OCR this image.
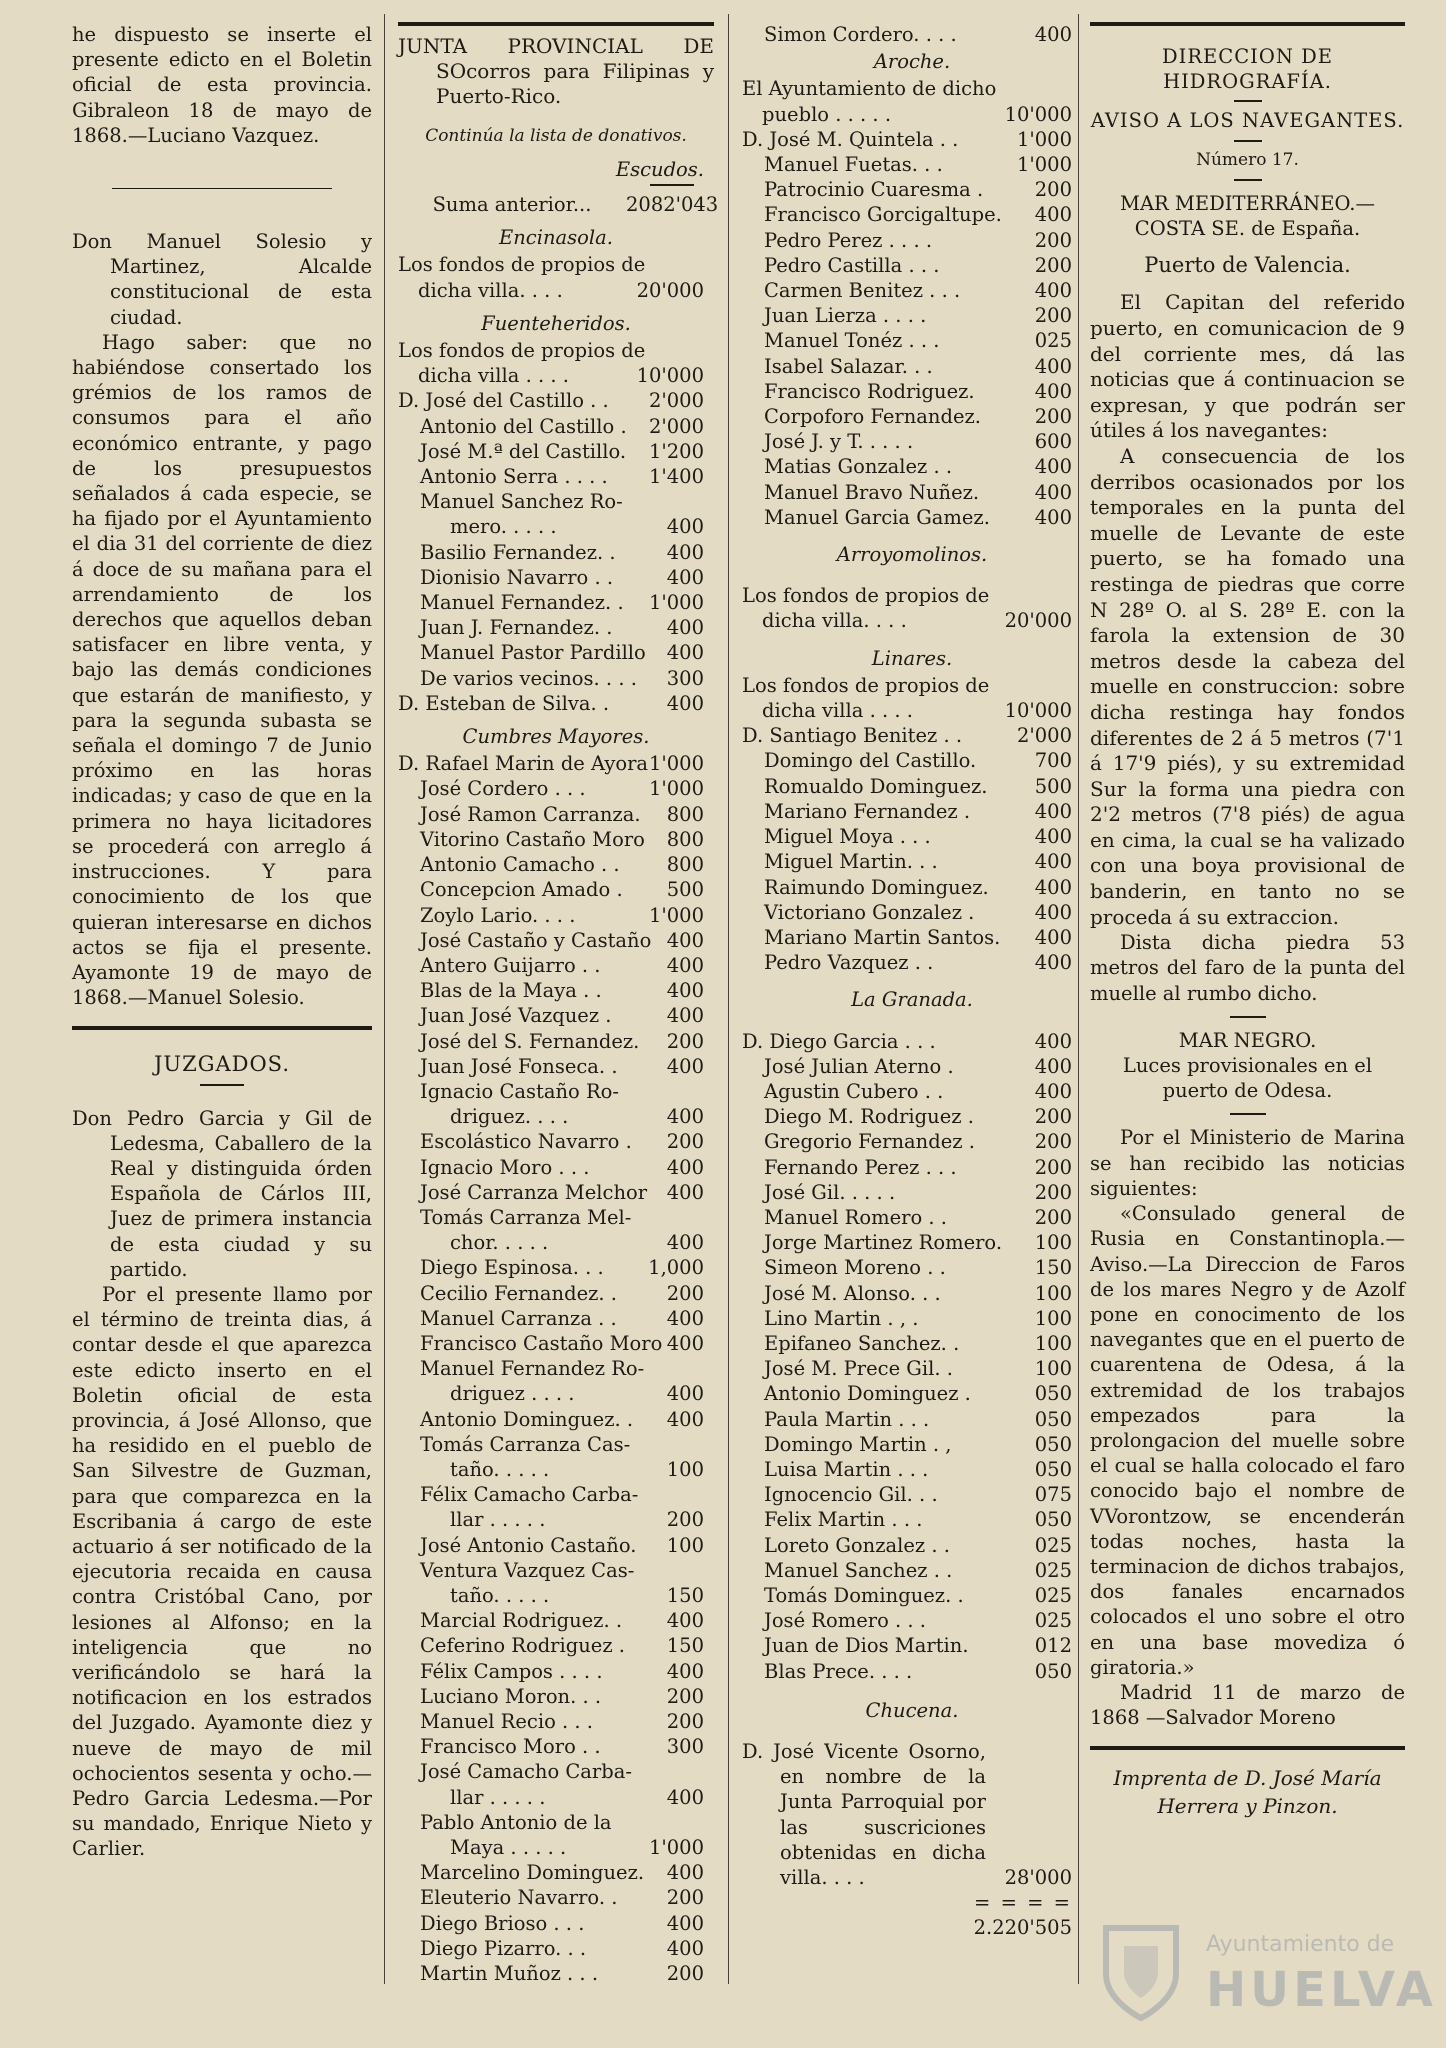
he dispuesto se inserte el presente edicto en el Boletin oficial de esta provincia. Gibraleon 18 de mayo de 1868.—Luciano Vazquez.

Don Manuel Solesio y Martinez, Alcalde constitucional de esta ciudad.

Hago saber: que no habiéndose consertado los grémios de los ramos de consumos para el año económico entrante, y pago de los presupuestos señalados á cada especie, se ha fijado por el Ayuntamiento el dia 31 del corriente de diez á doce de su mañana para el arrendamiento de los derechos que aquellos deban satisfacer en libre venta, y bajo las demás condiciones que estarán de manifiesto, y para la segunda subasta se señala el domingo 7 de Junio próximo en las horas indicadas; y caso de que en la primera no haya licitadores se procederá con arreglo á instrucciones. Y para conocimiento de los que quieran interesarse en dichos actos se fija el presente. Ayamonte 19 de mayo de 1868.—Manuel Solesio.

JUZGADOS.

Don Pedro Garcia y Gil de Ledesma, Caballero de la Real y distinguida órden Española de Cárlos III, Juez de primera instancia de esta ciudad y su partido.

Por el presente llamo por el término de treinta dias, á contar desde el que aparezca este edicto inserto en el Boletin oficial de esta provincia, á José Allonso, que ha residido en el pueblo de San Silvestre de Guzman, para que comparezca en la Escribania á cargo de este actuario á ser notificado de la ejecutoria recaida en causa contra Cristóbal Cano, por lesiones al Alfonso; en la inteligencia que no verificándolo se hará la notificacion en los estrados del Juzgado. Ayamonte diez y nueve de mayo de mil ochocientos sesenta y ocho.—Pedro Garcia Ledesma.—Por su mandado, Enrique Nieto y Carlier.

JUNTA PROVINCIAL DE SOcorros para Filipinas y Puerto-Rico.

Continúa la lista de donativos.

Escudos.

Suma anterior...	2082'043
Encinasola.
Los fondos de propios de
dicha villa. . . .	20'000
Fuenteheridos.
Los fondos de propios de
dicha villa . . . .	10'000
D. José del Castillo . .	2'000
Antonio del Castillo .	2'000
José M.ª del Castillo.	1'200
Antonio Serra . . . .	1'400
Manuel Sanchez Ro-
mero. . . . .	400
Basilio Fernandez. .	400
Dionisio Navarro . .	400
Manuel Fernandez. .	1'000
Juan J. Fernandez. .	400
Manuel Pastor Pardillo	400
De varios vecinos. . . .	300
D. Esteban de Silva. .	400
Cumbres Mayores.
D. Rafael Marin de Ayora 1'000
José Cordero . . .	1'000
José Ramon Carranza.	800
Vitorino Castaño Moro	800
Antonio Camacho . .	800
Concepcion Amado .	500
Zoylo Lario. . . .	1'000
José Castaño y Castaño 400
Antero Guijarro . .	400
Blas de la Maya . .	400
Juan José Vazquez .	400
José del S. Fernandez.	200
Juan José Fonseca. .	400
Ignacio Castaño Ro-
driguez. . . .	400
Escolástico Navarro .	200
Ignacio Moro . . .	400
José Carranza Melchor	400
Tomás Carranza Mel-
chor. . . . .	400
Diego Espinosa. . .	1,000
Cecilio Fernandez. .	200
Manuel Carranza . .	400
Francisco Castaño Moro 400
Manuel Fernandez Ro-
driguez . . . .	400
Antonio Dominguez. .	400
Tomás Carranza Cas-
taño. . . . .	100
Félix Camacho Carba-
llar . . . . .	200
José Antonio Castaño.	100
Ventura Vazquez Cas-
taño. . . . .	150
Marcial Rodriguez. .	400
Ceferino Rodriguez .	150
Félix Campos . . . .	400
Luciano Moron. . .	200
Manuel Recio . . .	200
Francisco Moro . .	300
José Camacho Carba-
llar . . . . .	400
Pablo Antonio de la
Maya . . . . .	1'000
Marcelino Dominguez.	400
Eleuterio Navarro. .	200
Diego Brioso . . .	400
Diego Pizarro. . .	400
Martin Muñoz . . .	200
Simon Cordero. . . .	400
Aroche.
El Ayuntamiento de dicho
pueblo . . . . .	10'000
D. José M. Quintela . .	1'000
Manuel Fuetas. . .	1'000
Patrocinio Cuaresma .	200
Francisco Gorcigaltupe.	400
Pedro Perez . . . .	200
Pedro Castilla . . .	200
Carmen Benitez . . .	400
Juan Lierza . . . .	200
Manuel Tonéz . . .	025
Isabel Salazar. . .	400
Francisco Rodriguez.	400
Corpoforo Fernandez.	200
José J. y T. . . . .	600
Matias Gonzalez . .	400
Manuel Bravo Nuñez.	400
Manuel Garcia Gamez.	400
Arroyomolinos.
Los fondos de propios de
dicha villa. . . .	20'000
Linares.
Los fondos de propios de
dicha villa . . . .	10'000
D. Santiago Benitez . .	2'000
Domingo del Castillo.	700
Romualdo Dominguez.	500
Mariano Fernandez .	400
Miguel Moya . . .	400
Miguel Martin. . .	400
Raimundo Dominguez.	400
Victoriano Gonzalez .	400
Mariano Martin Santos.	400
Pedro Vazquez . .	400
La Granada.
D. Diego Garcia . . .	400
José Julian Aterno .	400
Agustin Cubero . .	400
Diego M. Rodriguez .	200
Gregorio Fernandez .	200
Fernando Perez . . .	200
José Gil. . . . .	200
Manuel Romero . .	200
Jorge Martinez Romero.	100
Simeon Moreno . .	150
José M. Alonso. . .	100
Lino Martin . , .	100
Epifaneo Sanchez. .	100
José M. Prece Gil. .	100
Antonio Dominguez .	050
Paula Martin . . .	050
Domingo Martin . ,	050
Luisa Martin . . .	050
Ignocencio Gil. . .	075
Felix Martin . . .	050
Loreto Gonzalez . .	025
Manuel Sanchez . .	025
Tomás Dominguez. .	025
José Romero . . .	025
Juan de Dios Martin.	012
Blas Prece. . . .	050
Chucena.

D. José Vicente Osorno, en nombre de la Junta Parroquial por las suscriciones obtenidas en dicha villa. . . .	28'000
= = = =
2.220'505
DIRECCION DE HIDROGRAFÍA.
AVISO A LOS NAVEGANTES.

Número 17.

MAR MEDITERRÁNEO.—COSTA SE. de España.

Puerto de Valencia.

El Capitan del referido puerto, en comunicacion de 9 del corriente mes, dá las noticias que á continuacion se expresan, y que podrán ser útiles á los navegantes:

A consecuencia de los derribos ocasionados por los temporales en la punta del muelle de Levante de este puerto, se ha fomado una restinga de piedras que corre N 28º O. al S. 28º E. con la farola la extension de 30 metros desde la cabeza del muelle en construccion: sobre dicha restinga hay fondos diferentes de 2 á 5 metros (7'1 á 17'9 piés), y su extremidad Sur la forma una piedra con 2'2 metros (7'8 piés) de agua en cima, la cual se ha valizado con una boya provisional de banderin, en tanto no se proceda á su extraccion.

Dista dicha piedra 53 metros del faro de la punta del muelle al rumbo dicho.

MAR NEGRO.

Luces provisionales en el puerto de Odesa.

Por el Ministerio de Marina se han recibido las noticias siguientes:

«Consulado general de Rusia en Constantinopla.—Aviso.—La Direccion de Faros de los mares Negro y de Azolf pone en conocimento de los navegantes que en el puerto de cuarentena de Odesa, á la extremidad de los trabajos empezados para la prolongacion del muelle sobre el cual se halla colocado el faro conocido bajo el nombre de VVorontzow, se encenderán todas noches, hasta la terminacion de dichos trabajos, dos fanales encarnados colocados el uno sobre el otro en una base movediza ó giratoria.»

Madrid 11 de marzo de 1868 —Salvador Moreno

Imprenta de D. José María
Herrera y Pinzon.
Ayuntamiento de
HUELVA
